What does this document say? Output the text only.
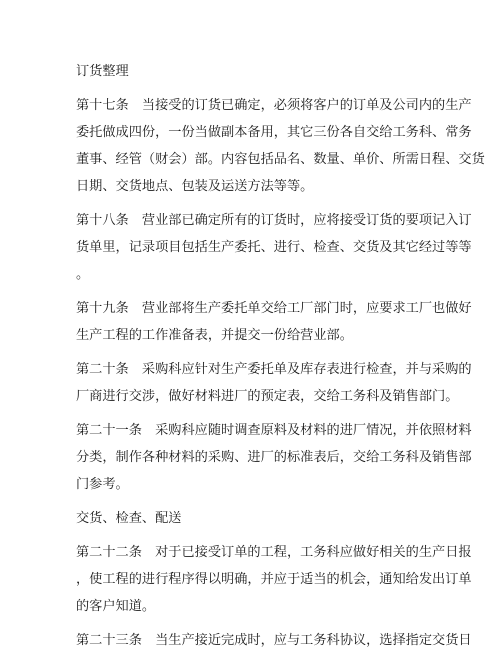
订货整理
第十七条　当接受的订货已确定，必须将客户的订单及公司内的生产
委托做成四份，一份当做副本备用，其它三份各自交给工务科、常务
董事、经管（财会）部。内容包括品名、数量、单价、所需日程、交货
日期、交货地点、包装及运送方法等等。
第十八条　营业部已确定所有的订货时，应将接受订货的要项记入订
货单里，记录项目包括生产委托、进行、检查、交货及其它经过等等
。
第十九条　营业部将生产委托单交给工厂部门时，应要求工厂也做好
生产工程的工作准备表，并提交一份给营业部。
第二十条　采购科应针对生产委托单及库存表进行检查，并与采购的
厂商进行交涉，做好材料进厂的预定表，交给工务科及销售部门。
第二十一条　采购科应随时调查原料及材料的进厂情况，并依照材料
分类，制作各种材料的采购、进厂的标准表后，交给工务科及销售部
门参考。
交货、检查、配送
第二十二条　对于已接受订单的工程，工务科应做好相关的生产日报
，使工程的进行程序得以明确，并应于适当的机会，通知给发出订单
的客户知道。
第二十三条　当生产接近完成时，应与工务科协议，选择指定交货日
